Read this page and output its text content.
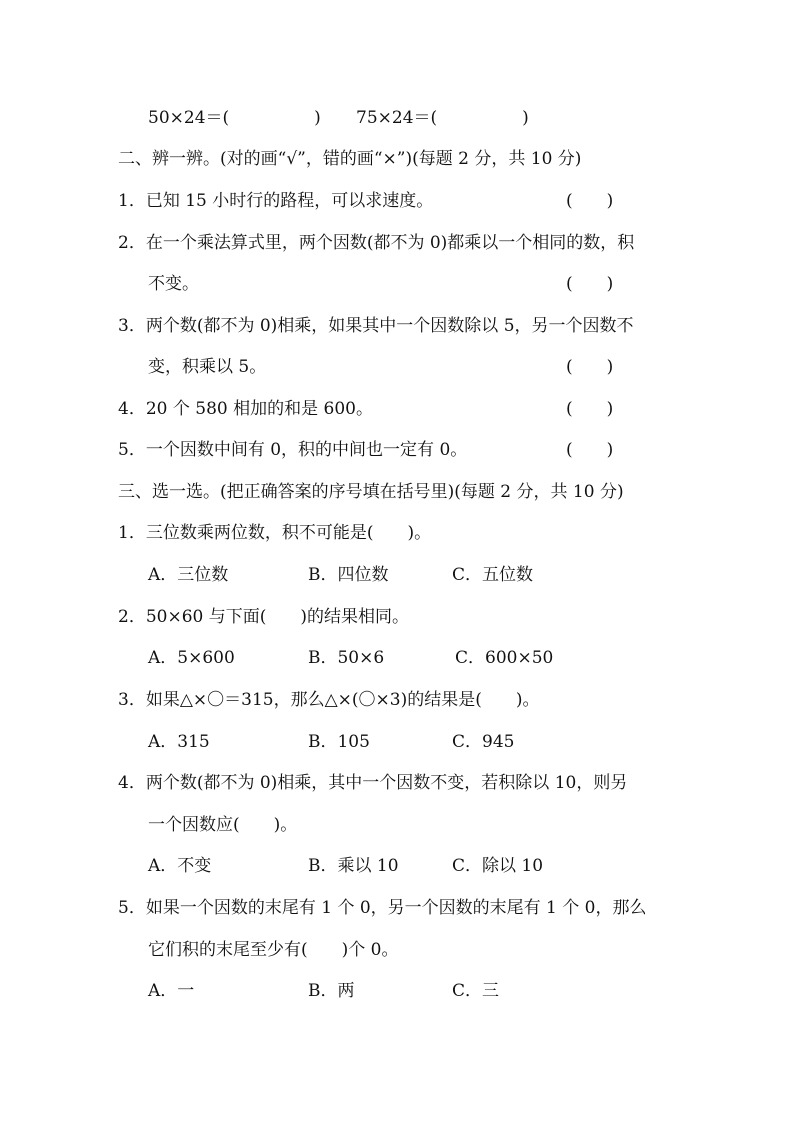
50×24＝(　　　　　) 75×24＝(　　　　　)
二、辨一辨。(对的画“√”，错的画“×”)(每题 2 分，共 10 分)
1．已知 15 小时行的路程，可以求速度。	(　　)
2．在一个乘法算式里，两个因数(都不为 0)都乘以一个相同的数，积
不变。	(　　)
3．两个数(都不为 0)相乘，如果其中一个因数除以 5，另一个因数不
变，积乘以 5。	(　　)
4．20 个 580 相加的和是 600。	(　　)
5．一个因数中间有 0，积的中间也一定有 0。	(　　)
三、选一选。(把正确答案的序号填在括号里)(每题 2 分，共 10 分)
1．三位数乘两位数，积不可能是(　　)。
A．三位数	B．四位数	C．五位数
2．50×60 与下面(　　)的结果相同。
A．5×600	B．50×6	C．600×50
3．如果△×〇＝315，那么△×(〇×3)的结果是(　　)。
A．315	B．105	C．945
4．两个数(都不为 0)相乘，其中一个因数不变，若积除以 10，则另
一个因数应(　　)。
A．不变	B．乘以 10	C．除以 10
5．如果一个因数的末尾有 1 个 0，另一个因数的末尾有 1 个 0，那么
它们积的末尾至少有(　　)个 0。
A．一	B．两	C．三
